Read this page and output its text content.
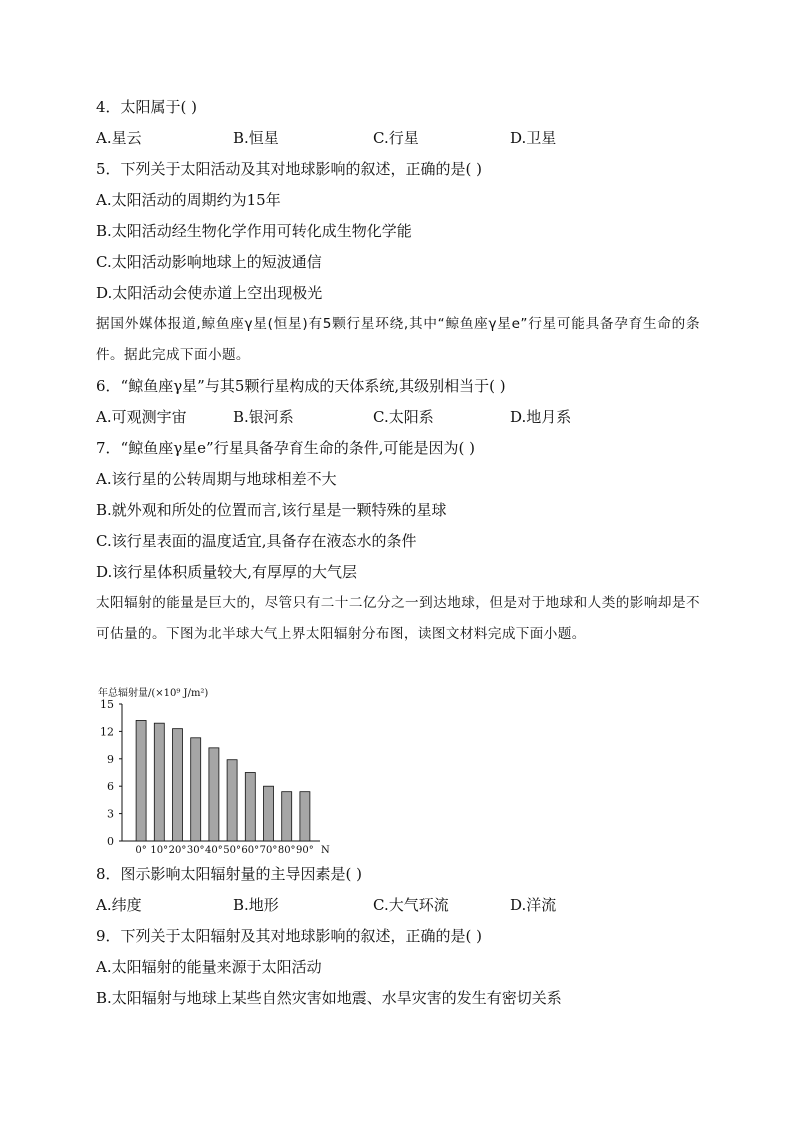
4．太阳属于( )
A.星云	B.恒星	C.行星	D.卫星
5．下列关于太阳活动及其对地球影响的叙述，正确的是( )
A.太阳活动的周期约为15年
B.太阳活动经生物化学作用可转化成生物化学能
C.太阳活动影响地球上的短波通信
D.太阳活动会使赤道上空出现极光
据国外媒体报道,鲸鱼座γ星(恒星)有5颗行星环绕,其中“鲸鱼座γ星e”行星可能具备孕育生命的条件。据此完成下面小题。
6．“鲸鱼座γ星”与其5颗行星构成的天体系统,其级别相当于( )
A.可观测宇宙	B.银河系	C.太阳系	D.地月系
7．“鲸鱼座γ星e”行星具备孕育生命的条件,可能是因为( )
A.该行星的公转周期与地球相差不大
B.就外观和所处的位置而言,该行星是一颗特殊的星球
C.该行星表面的温度适宜,具备存在液态水的条件
D.该行星体积质量较大,有厚厚的大气层
太阳辐射的能量是巨大的，尽管只有二十二亿分之一到达地球，但是对于地球和人类的影响却是不可估量的。下图为北半球大气上界太阳辐射分布图，读图文材料完成下面小题。
年总辐射量/(×10⁹ J/m²)
0
3
6
9
12
15
0° 10° 20° 30° 40° 50° 60° 70° 80° 90° N
8．图示影响太阳辐射量的主导因素是( )
A.纬度	B.地形	C.大气环流	D.洋流
9．下列关于太阳辐射及其对地球影响的叙述，正确的是( )
A.太阳辐射的能量来源于太阳活动
B.太阳辐射与地球上某些自然灾害如地震、水旱灾害的发生有密切关系
